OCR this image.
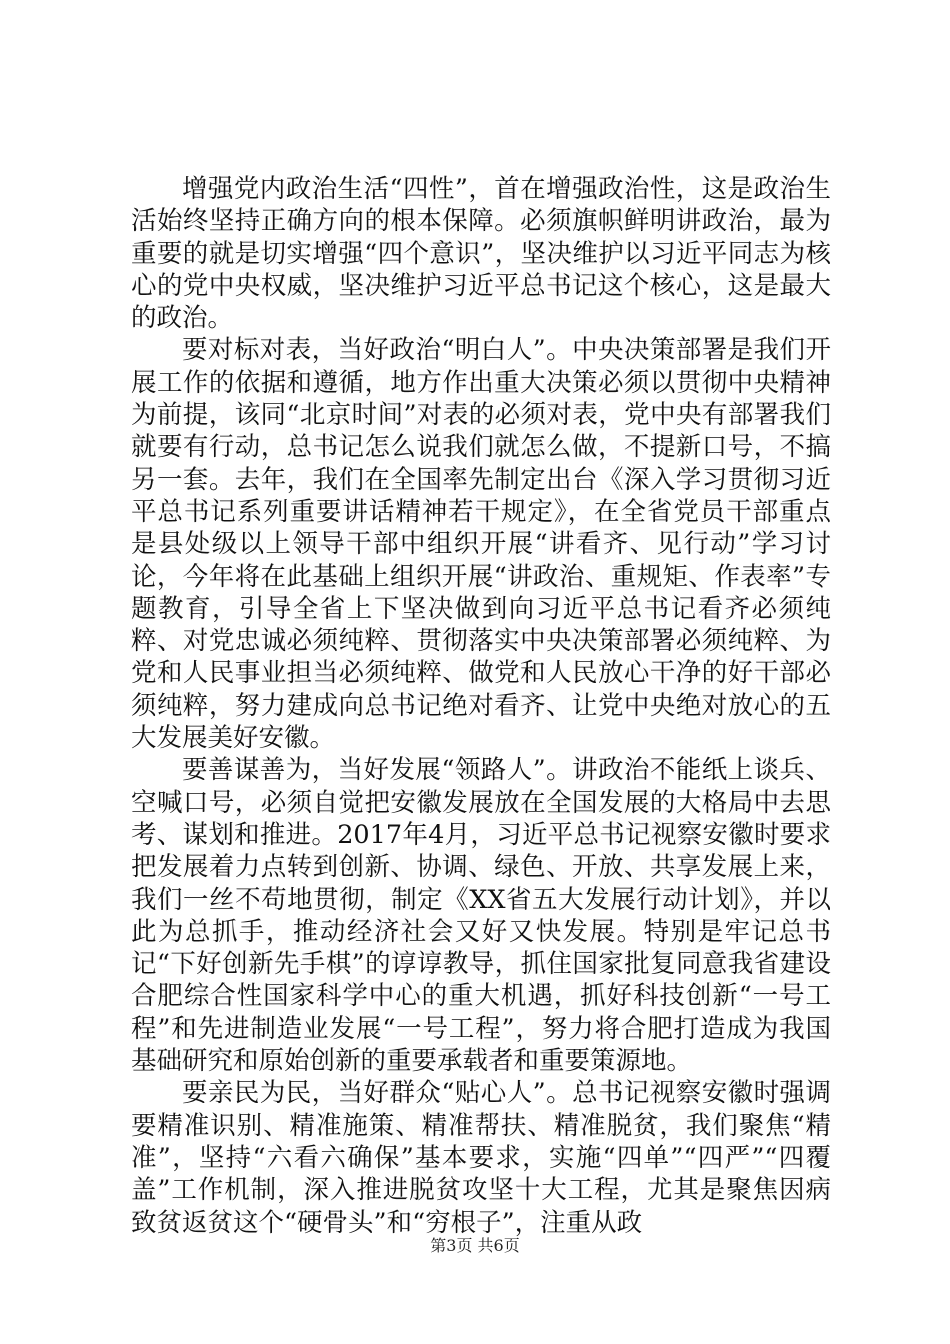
增强党内政治生活“四性”，首在增强政治性，这是政治生活始终坚持正确方向的根本保障。必须旗帜鲜明讲政治，最为重要的就是切实增强“四个意识”，坚决维护以习近平同志为核心的党中央权威，坚决维护习近平总书记这个核心，这是最大的政治。

要对标对表，当好政治“明白人”。中央决策部署是我们开展工作的依据和遵循，地方作出重大决策必须以贯彻中央精神为前提，该同“北京时间”对表的必须对表，党中央有部署我们就要有行动，总书记怎么说我们就怎么做，不提新口号，不搞另一套。去年，我们在全国率先制定出台《深入学习贯彻习近平总书记系列重要讲话精神若干规定》，在全省党员干部重点是县处级以上领导干部中组织开展“讲看齐、见行动”学习讨论，今年将在此基础上组织开展“讲政治、重规矩、作表率”专题教育，引导全省上下坚决做到向习近平总书记看齐必须纯粹、对党忠诚必须纯粹、贯彻落实中央决策部署必须纯粹、为党和人民事业担当必须纯粹、做党和人民放心干净的好干部必须纯粹，努力建成向总书记绝对看齐、让党中央绝对放心的五大发展美好安徽。

要善谋善为，当好发展“领路人”。讲政治不能纸上谈兵、空喊口号，必须自觉把安徽发展放在全国发展的大格局中去思考、谋划和推进。2017年4月，习近平总书记视察安徽时要求把发展着力点转到创新、协调、绿色、开放、共享发展上来，我们一丝不苟地贯彻，制定《XX省五大发展行动计划》，并以此为总抓手，推动经济社会又好又快发展。特别是牢记总书记“下好创新先手棋”的谆谆教导，抓住国家批复同意我省建设合肥综合性国家科学中心的重大机遇，抓好科技创新“一号工程”和先进制造业发展“一号工程”，努力将合肥打造成为我国基础研究和原始创新的重要承载者和重要策源地。

要亲民为民，当好群众“贴心人”。总书记视察安徽时强调要精准识别、精准施策、精准帮扶、精准脱贫，我们聚焦“精准”，坚持“六看六确保”基本要求，实施“四单”“四严”“四覆盖”工作机制，深入推进脱贫攻坚十大工程，尤其是聚焦因病致贫返贫这个“硬骨头”和“穷根子”，注重从政

第3页 共6页
